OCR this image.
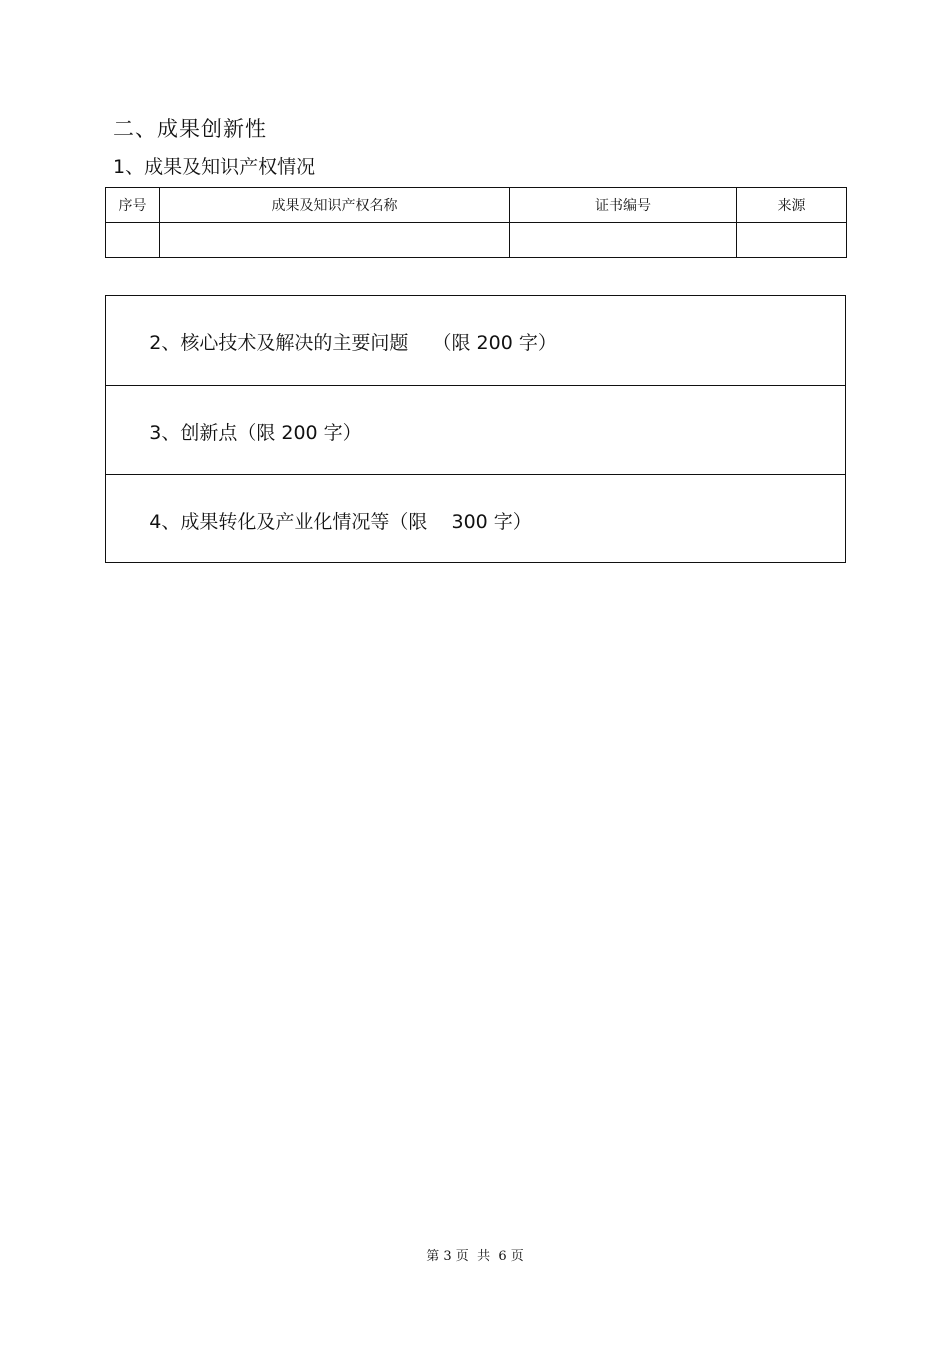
二、成果创新性
1、成果及知识产权情况
序号	成果及知识产权名称	证书编号	来源

2、核心技术及解决的主要问题    （限 200 字）

3、创新点（限 200 字）

4、成果转化及产业化情况等（限    300 字）

第 3 页  共  6 页
